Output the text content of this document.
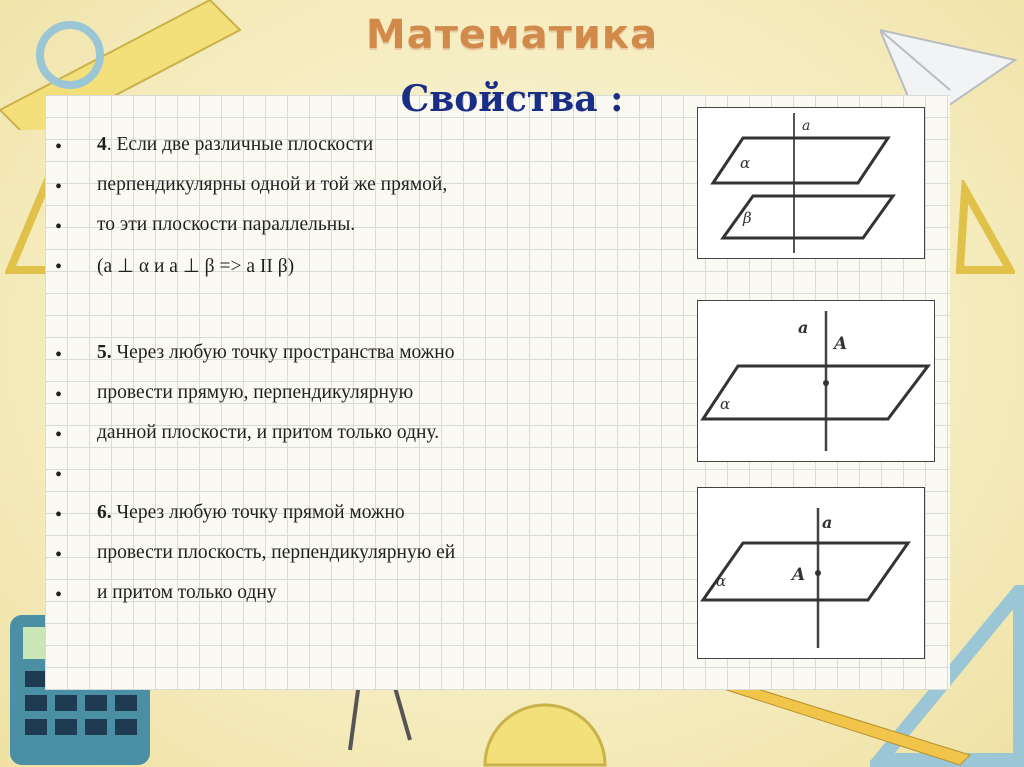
Математика
Свойства :
• 4. Если две различные плоскости
• перпендикулярны одной и той же прямой,
• то эти плоскости параллельны.
• (а ⊥ α и а ⊥ β => а II β)
• 5. Через любую точку пространства можно
• провести прямую, перпендикулярную
• данной плоскости, и притом только одну.
•
• 6. Через любую точку прямой можно
• провести плоскость, перпендикулярную ей
• и притом только одну
a
α
β
a
A
α
a
A
α
